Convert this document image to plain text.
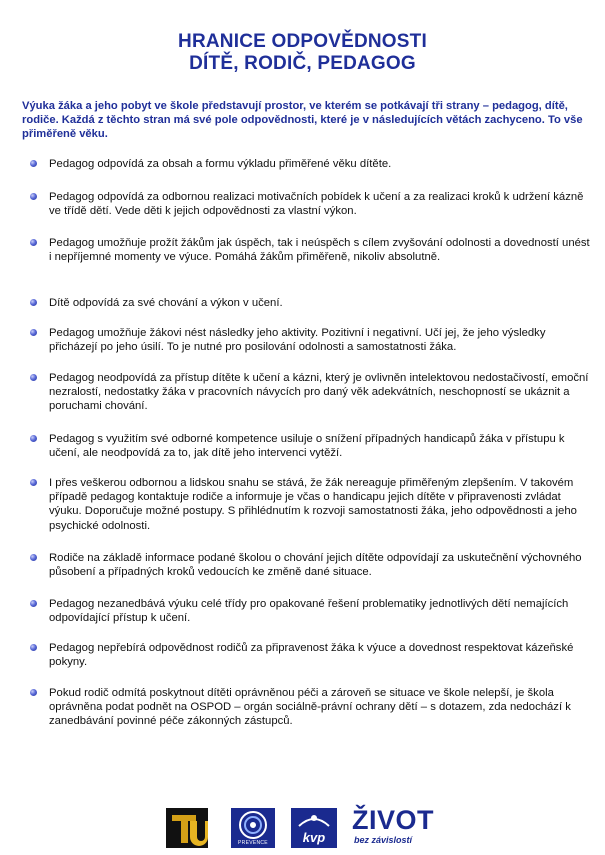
HRANICE ODPOVĚDNOSTI
DÍTĚ, RODIČ, PEDAGOG
Výuka žáka a jeho pobyt ve škole představují prostor, ve kterém se potkávají tři strany – pedagog, dítě, rodiče. Každá z těchto stran má své pole odpovědnosti, které je v následujících větách zachyceno. To vše přiměřeně věku.
Pedagog odpovídá za obsah a formu výkladu přiměřené věku dítěte.
Pedagog odpovídá za odbornou realizaci motivačních pobídek k učení a za realizaci kroků k udržení kázně ve třídě dětí. Vede děti k jejich odpovědnosti za vlastní výkon.
Pedagog umožňuje prožít žákům jak úspěch, tak i neúspěch s cílem zvyšování odolnosti a dovedností unést i nepříjemné momenty ve výuce. Pomáhá žákům přiměřeně, nikoliv absolutně.
Dítě odpovídá za své chování a výkon v učení.
Pedagog umožňuje žákovi nést následky jeho aktivity. Pozitivní i negativní. Učí jej, že jeho výsledky přicházejí po jeho úsilí. To je nutné pro posilování odolnosti a samostatnosti žáka.
Pedagog neodpovídá za přístup dítěte k učení a kázni, který je ovlivněn intelektovou nedostačivostí, emoční nezralostí, nedostatky žáka v pracovních návycích pro daný věk adekvátních, neschopností se ukáznit a poruchami chování.
Pedagog s využitím své odborné kompetence usiluje o snížení případných handicapů žáka v přístupu k učení, ale neodpovídá za to, jak dítě jeho intervenci vytěží.
I přes veškerou odbornou a lidskou snahu se stává, že žák nereaguje přiměřeným zlepšením. V takovém případě pedagog kontaktuje rodiče a informuje je včas o handicapu jejich dítěte v připravenosti zvládat výuku. Doporučuje možné postupy. S přihlédnutím k rozvoji samostatnosti žáka, jeho odpovědnosti a jeho psychické odolnosti.
Rodiče na základě informace podané školou o chování jejich dítěte odpovídají za uskutečnění výchovného působení a případných kroků vedoucích ke změně dané situace.
Pedagog nezanedbává výuku celé třídy pro opakované řešení problematiky jednotlivých dětí nemajících odpovídající přístup k učení.
Pedagog nepřebírá odpovědnost rodičů za připravenost žáka k výuce a dovednost respektovat kázeňské pokyny.
Pokud rodič odmítá poskytnout dítěti oprávněnou péči a zároveň se situace ve škole nelepší, je škola oprávněna podat podnět na OSPOD – orgán sociálně-právní ochrany dětí – s dotazem, zda nedochází k zanedbávání povinné péče zákonných zástupců.
PREVENCE	kvp
ŽIVOT
bez závislostí
